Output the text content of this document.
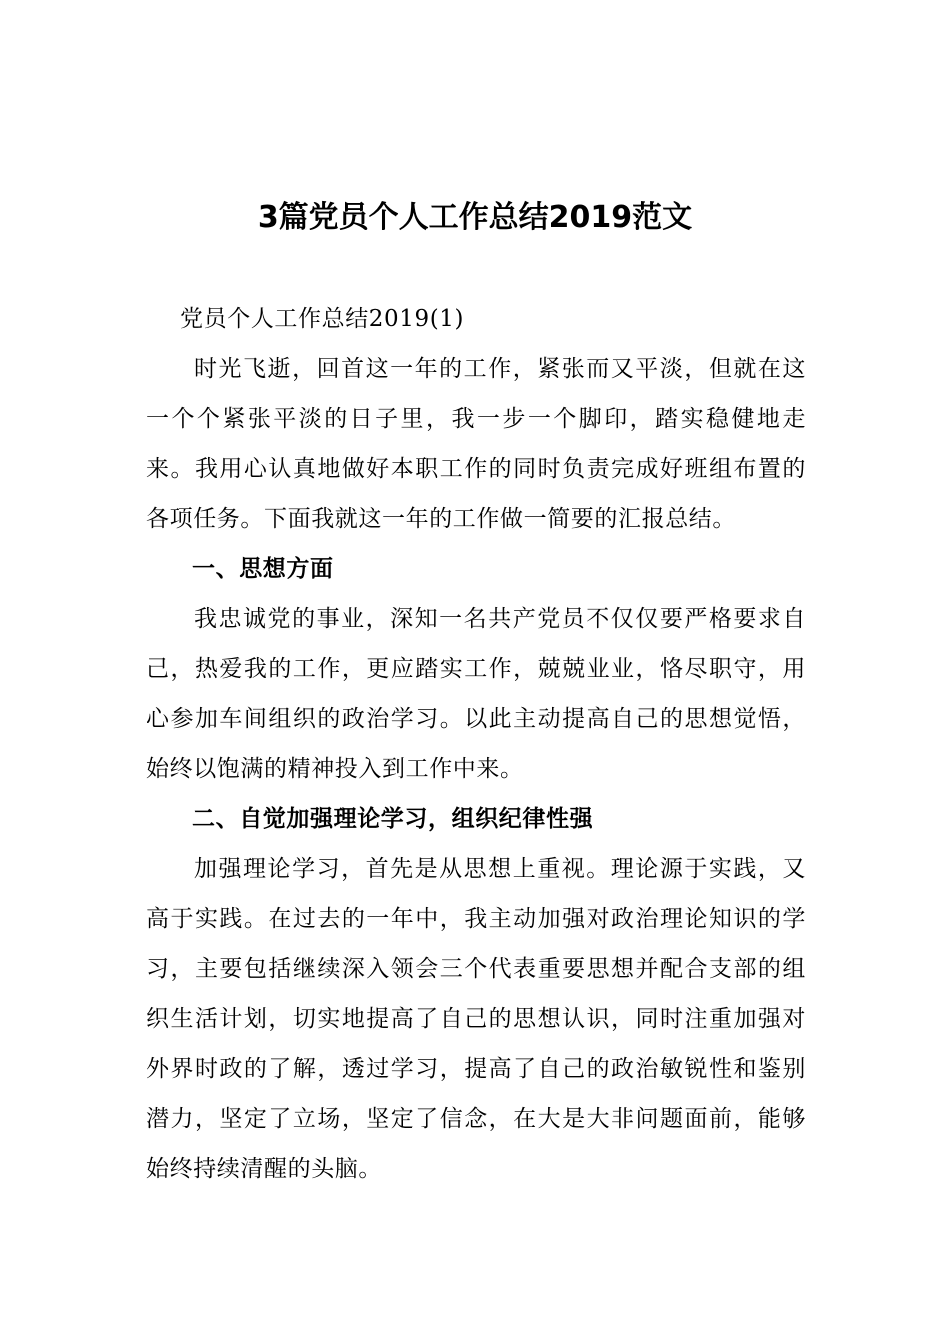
3篇党员个人工作总结2019范文

党员个人工作总结2019(1)

时光飞逝，回首这一年的工作，紧张而又平淡，但就在这一个个紧张平淡的日子里，我一步一个脚印，踏实稳健地走来。我用心认真地做好本职工作的同时负责完成好班组布置的各项任务。下面我就这一年的工作做一简要的汇报总结。

一、思想方面

我忠诚党的事业，深知一名共产党员不仅仅要严格要求自己，热爱我的工作，更应踏实工作，兢兢业业，恪尽职守，用心参加车间组织的政治学习。以此主动提高自己的思想觉悟，始终以饱满的精神投入到工作中来。

二、自觉加强理论学习，组织纪律性强

加强理论学习，首先是从思想上重视。理论源于实践，又高于实践。在过去的一年中，我主动加强对政治理论知识的学习，主要包括继续深入领会三个代表重要思想并配合支部的组织生活计划，切实地提高了自己的思想认识，同时注重加强对外界时政的了解，透过学习，提高了自己的政治敏锐性和鉴别潜力，坚定了立场，坚定了信念，在大是大非问题面前，能够始终持续清醒的头脑。
